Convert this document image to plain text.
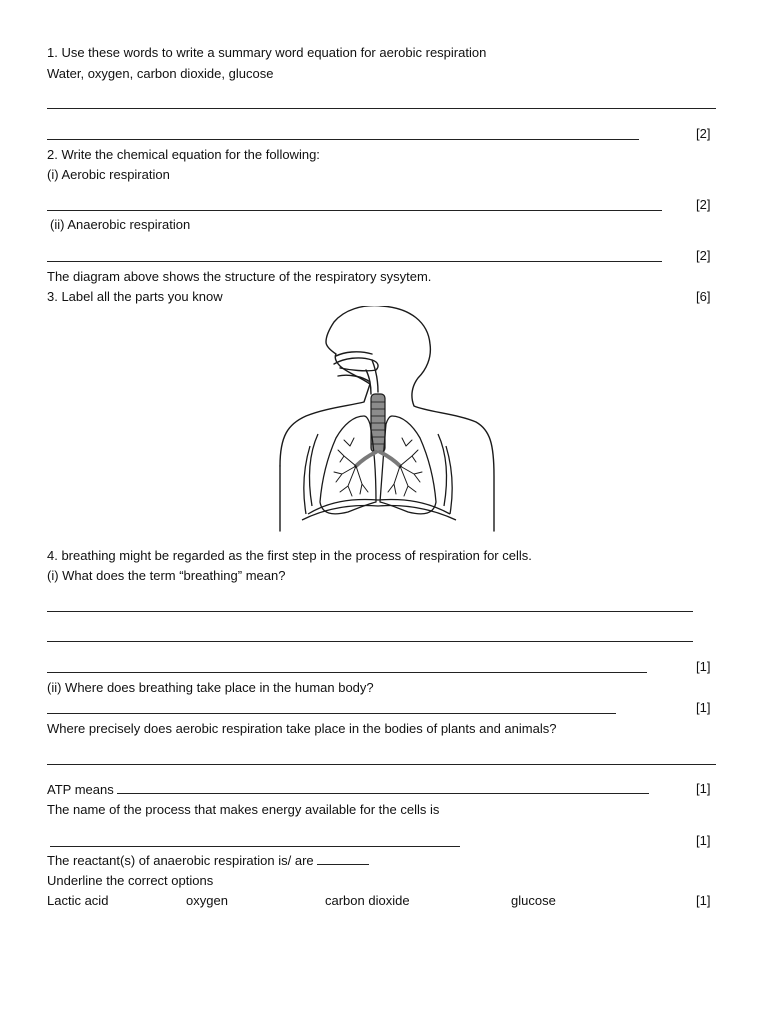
1. Use these words to write a summary word equation for aerobic respiration
Water, oxygen, carbon dioxide, glucose
[2]
2. Write the chemical equation for the following:
(i) Aerobic respiration
[2]
(ii) Anaerobic respiration
[2]
The diagram above shows the structure of the respiratory sysytem.
3. Label all the parts you know	[6]
4. breathing might be regarded as the first step in the process of respiration for cells.
(i) What does the term “breathing” mean?
[1]
(ii) Where does breathing take place in the human body?
[1]
Where precisely does aerobic respiration take place in the bodies of plants and animals?
ATP means	[1]
The name of the process that makes energy available for the cells is
[1]
The reactant(s) of anaerobic respiration is/ are
Underline the correct options
Lactic acid	oxygen	carbon dioxide	glucose	[1]
